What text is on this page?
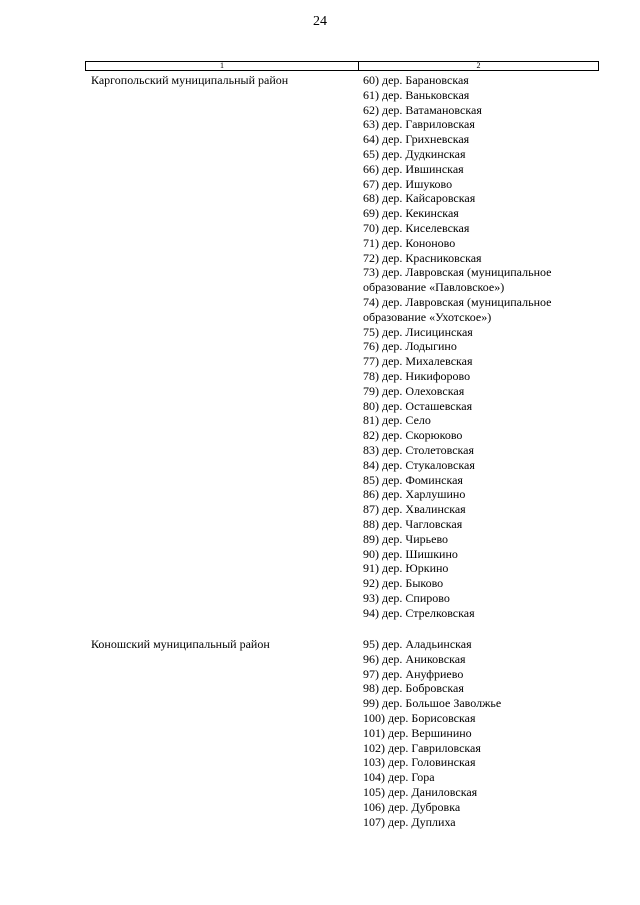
24
1	2
Каргопольский муниципальный район	60) дер. Барановская
61) дер. Ваньковская
62) дер. Ватамановская
63) дер. Гавриловская
64) дер. Гриxневская
65) дер. Дудкинская
66) дер. Ившинская
67) дер. Ишуково
68) дер. Кайсаровская
69) дер. Кекинская
70) дер. Киселевская
71) дер. Кононово
72) дер. Красниковская
73) дер. Лавровская (муниципальное образование «Павловское»)
74) дер. Лавровская (муниципальное образование «Ухотское»)
75) дер. Лисицинская
76) дер. Лодыгино
77) дер. Михалевская
78) дер. Никифорово
79) дер. Олеховская
80) дер. Осташевская
81) дер. Село
82) дер. Скорюково
83) дер. Столетовская
84) дер. Стукаловская
85) дер. Фоминская
86) дер. Харлушино
87) дер. Хвалинская
88) дер. Чагловская
89) дер. Чирьево
90) дер. Шишкино
91) дер. Юркино
92) дер. Быково
93) дер. Спирово
94) дер. Стрелковская
Коношский муниципальный район	95) дер. Аладьинская
96) дер. Аниковская
97) дер. Ануфриево
98) дер. Бобровская
99) дер. Большое Заволжье
100) дер. Борисовская
101) дер. Вершинино
102) дер. Гавриловская
103) дер. Головинская
104) дер. Гора
105) дер. Даниловская
106) дер. Дубровка
107) дер. Дуплиха
